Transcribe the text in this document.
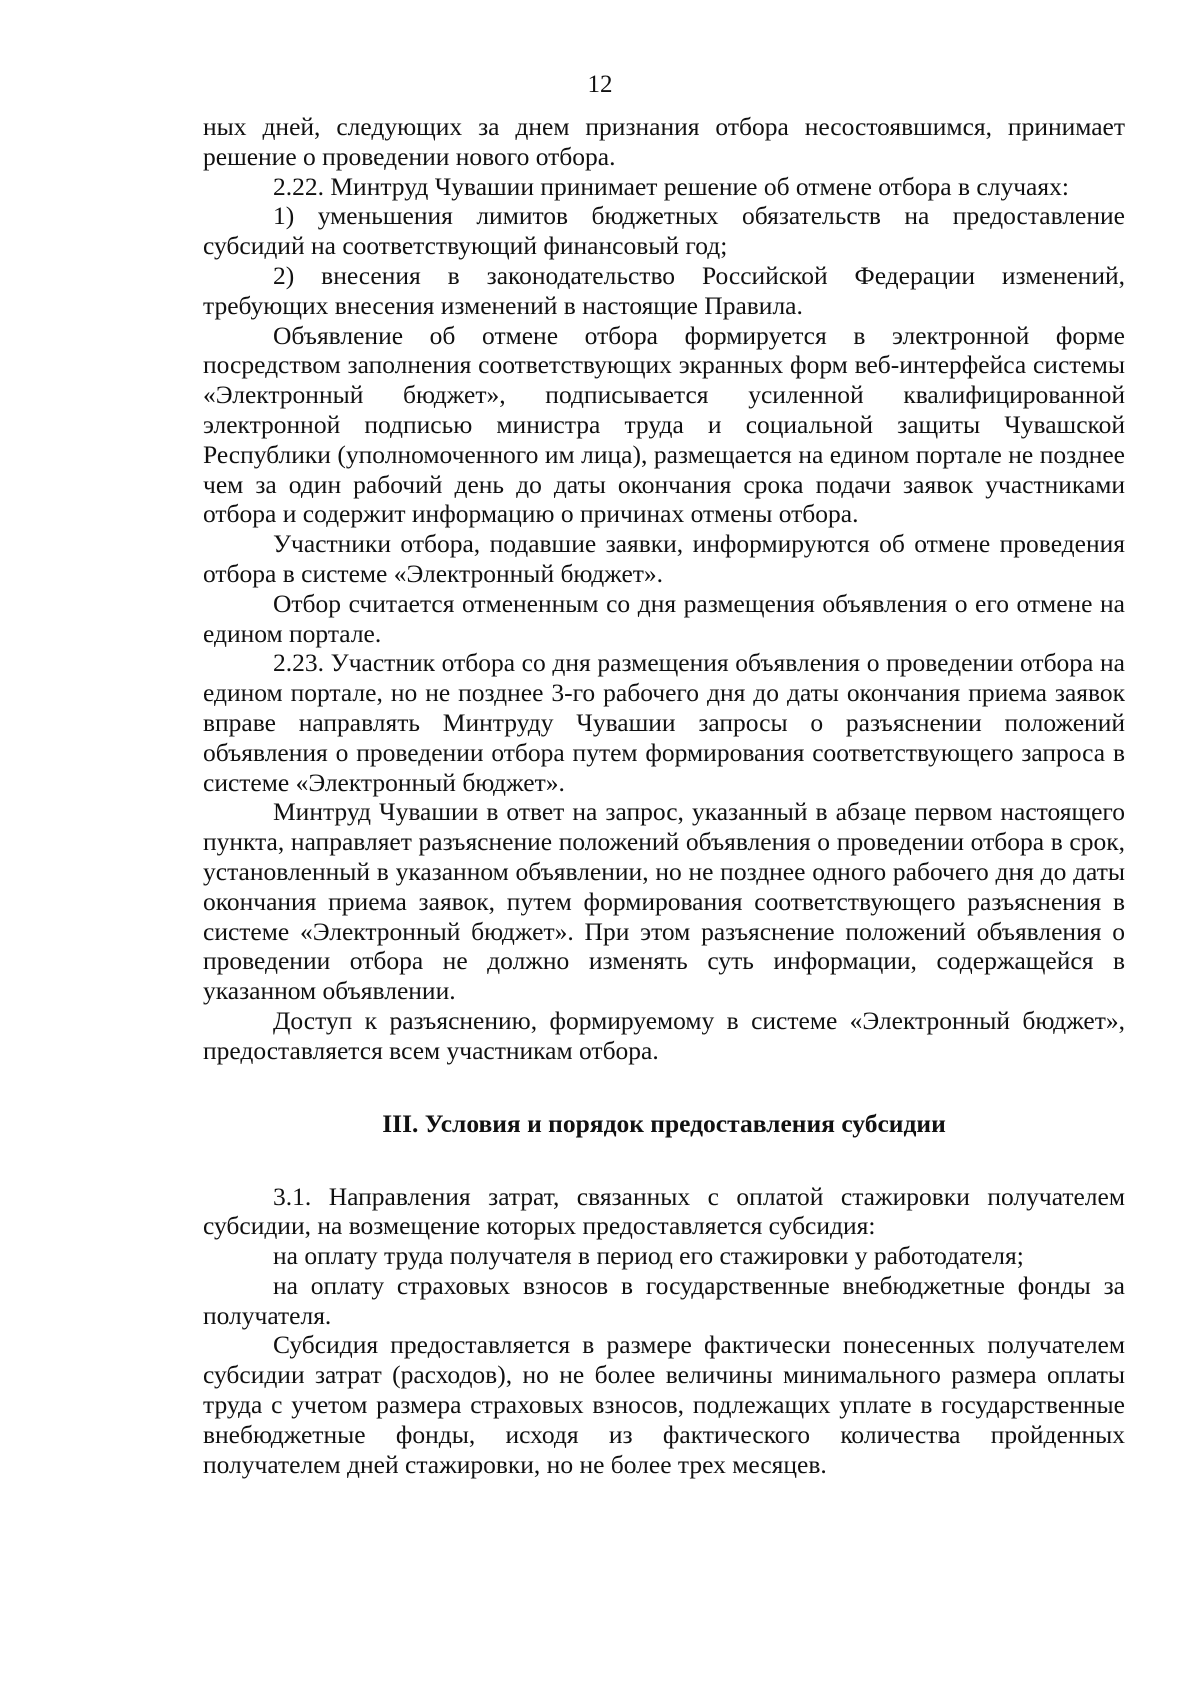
12

ных дней, следующих за днем признания отбора несостоявшимся, принимает решение о проведении нового отбора.

2.22. Минтруд Чувашии принимает решение об отмене отбора в случаях:

1) уменьшения лимитов бюджетных обязательств на предоставление субсидий на соответствующий финансовый год;

2) внесения в законодательство Российской Федерации изменений, требующих внесения изменений в настоящие Правила.

Объявление об отмене отбора формируется в электронной форме посредством заполнения соответствующих экранных форм веб-интерфейса системы «Электронный бюджет», подписывается усиленной квалифицированной электронной подписью министра труда и социальной защиты Чувашской Республики (уполномоченного им лица), размещается на едином портале не позднее чем за один рабочий день до даты окончания срока подачи заявок участниками отбора и содержит информацию о причинах отмены отбора.

Участники отбора, подавшие заявки, информируются об отмене проведения отбора в системе «Электронный бюджет».

Отбор считается отмененным со дня размещения объявления о его отмене на едином портале.

2.23. Участник отбора со дня размещения объявления о проведении отбора на едином портале, но не позднее 3-го рабочего дня до даты окончания приема заявок вправе направлять Минтруду Чувашии запросы о разъяснении положений объявления о проведении отбора путем формирования соответствующего запроса в системе «Электронный бюджет».

Минтруд Чувашии в ответ на запрос, указанный в абзаце первом настоящего пункта, направляет разъяснение положений объявления о проведении отбора в срок, установленный в указанном объявлении, но не позднее одного рабочего дня до даты окончания приема заявок, путем формирования соответствующего разъяснения в системе «Электронный бюджет». При этом разъяснение положений объявления о проведении отбора не должно изменять суть информации, содержащейся в указанном объявлении.

Доступ к разъяснению, формируемому в системе «Электронный бюджет», предоставляется всем участникам отбора.

III. Условия и порядок предоставления субсидии

3.1. Направления затрат, связанных с оплатой стажировки получателем субсидии, на возмещение которых предоставляется субсидия:

на оплату труда получателя в период его стажировки у работодателя;

на оплату страховых взносов в государственные внебюджетные фонды за получателя.

Субсидия предоставляется в размере фактически понесенных получателем субсидии затрат (расходов), но не более величины минимального размера оплаты труда с учетом размера страховых взносов, подлежащих уплате в государственные внебюджетные фонды, исходя из фактического количества пройденных получателем дней стажировки, но не более трех месяцев.
